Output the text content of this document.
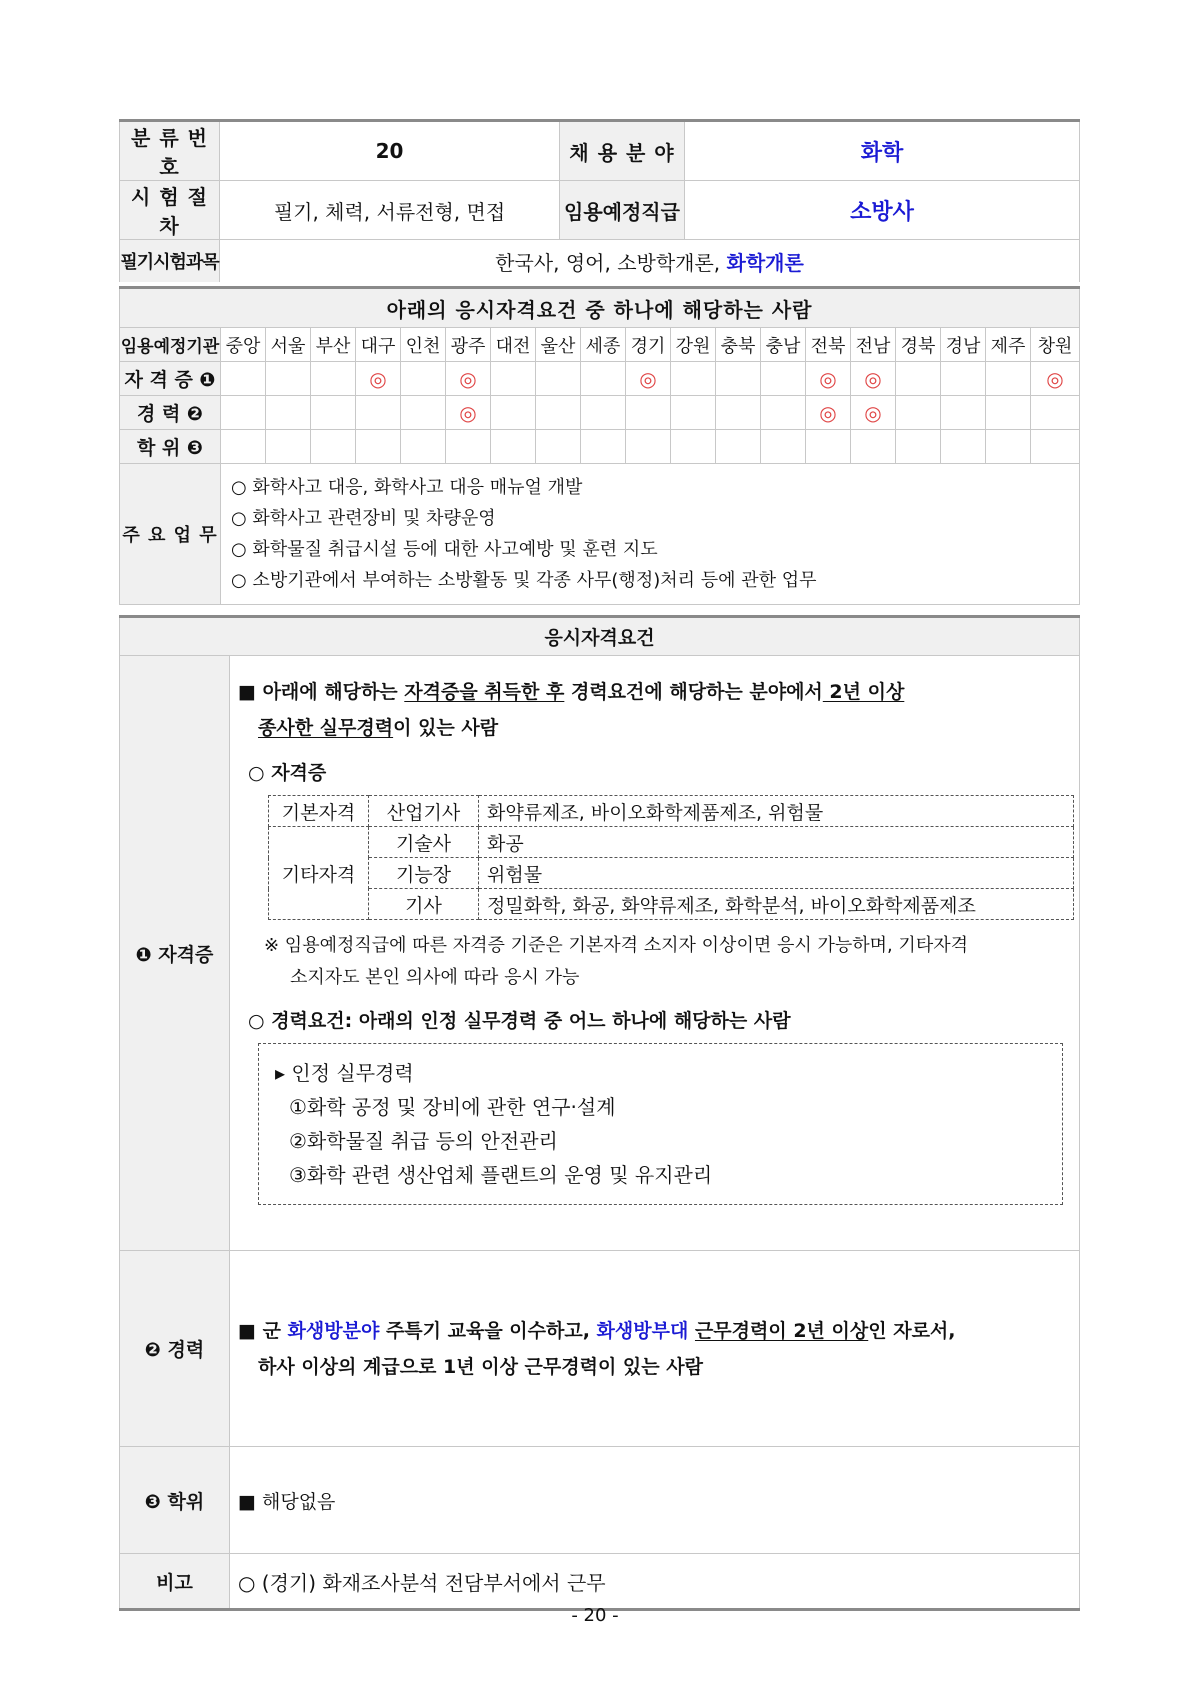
분 류 번 호	20	채 용 분 야	화학
시 험 절 차	필기, 체력, 서류전형, 면접	임용예정직급	소방사
필기시험과목	한국사, 영어, 소방학개론, 화학개론		
아래의 응시자격요건 중 하나에 해당하는 사람																			
임용예정기관	중앙	서울	부산	대구	인천	광주	대전	울산	세종	경기	강원	충북	충남	전북	전남	경북	경남	제주	창원
자 격 증 ❶				◎		◎				◎				◎	◎				◎
경 력 ❷						◎								◎	◎				
학 위 ❸																			
주 요 업 무	○ 화학사고 대응, 화학사고 대응 매뉴얼 개발
○ 화학사고 관련장비 및 차량운영
○ 화학물질 취급시설 등에 대한 사고예방 및 훈련 지도
○ 소방기관에서 부여하는 소방활동 및 각종 사무(행정)처리 등에 관한 업무																		
응시자격요건
❶ 자격증	
■ 아래에 해당하는 자격증을 취득한 후 경력요건에 해당하는 분야에서 2년 이상
종사한 실무경력이 있는 사람
○ 자격증
기본자격	산업기사	화약류제조, 바이오화학제품제조, 위험물
기타자격	기술사	화공
기능장	위험물
기사	정밀화학, 화공, 화약류제조, 화학분석, 바이오화학제품제조
※ 임용예정직급에 따른 자격증 기준은 기본자격 소지자 이상이면 응시 가능하며, 기타자격
소지자도 본인 의사에 따라 응시 가능
○ 경력요건: 아래의 인정 실무경력 중 어느 하나에 해당하는 사람
▸ 인정 실무경력
①화학 공정 및 장비에 관한 연구·설계
②화학물질 취급 등의 안전관리
③화학 관련 생산업체 플랜트의 운영 및 유지관리

❷ 경력	
■ 군 화생방분야 주특기 교육을 이수하고, 화생방부대 근무경력이 2년 이상인 자로서,
하사 이상의 계급으로 1년 이상 근무경력이 있는 사람

❸ 학위	■ 해당없음
비고	○ (경기) 화재조사분석 전담부서에서 근무
- 20 -
